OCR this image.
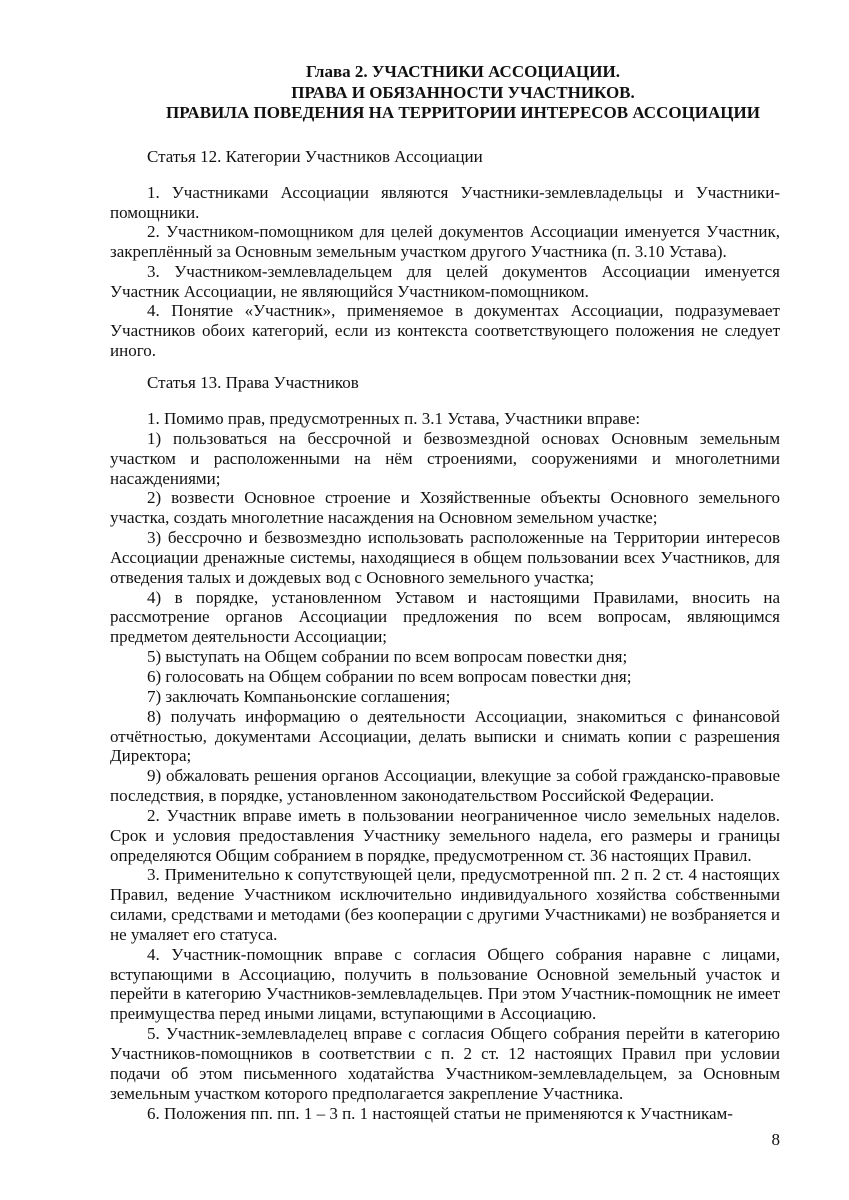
Глава 2. УЧАСТНИКИ АССОЦИАЦИИ.
ПРАВА И ОБЯЗАННОСТИ УЧАСТНИКОВ.
ПРАВИЛА ПОВЕДЕНИЯ НА ТЕРРИТОРИИ ИНТЕРЕСОВ АССОЦИАЦИИ
Статья 12. Категории Участников Ассоциации

1. Участниками Ассоциации являются Участники-землевладельцы и Участники-помощники.

2. Участником-помощником для целей документов Ассоциации именуется Участник, закреплённый за Основным земельным участком другого Участника (п. 3.10 Устава).

3. Участником-землевладельцем для целей документов Ассоциации именуется Участник Ассоциации, не являющийся Участником-помощником.

4. Понятие «Участник», применяемое в документах Ассоциации, подразумевает Участников обоих категорий, если из контекста соответствующего положения не следует иного.

Статья 13. Права Участников

1. Помимо прав, предусмотренных п. 3.1 Устава, Участники вправе:

1) пользоваться на бессрочной и безвозмездной основах Основным земельным участком и расположенными на нём строениями, сооружениями и многолетними насаждениями;

2) возвести Основное строение и Хозяйственные объекты Основного земельного участка, создать многолетние насаждения на Основном земельном участке;

3) бессрочно и безвозмездно использовать расположенные на Территории интересов Ассоциации дренажные системы, находящиеся в общем пользовании всех Участников, для отведения талых и дождевых вод с Основного земельного участка;

4) в порядке, установленном Уставом и настоящими Правилами, вносить на рассмотрение органов Ассоциации предложения по всем вопросам, являющимся предметом деятельности Ассоциации;

5) выступать на Общем собрании по всем вопросам повестки дня;

6) голосовать на Общем собрании по всем вопросам повестки дня;

7) заключать Компаньонские соглашения;

8) получать информацию о деятельности Ассоциации, знакомиться с финансовой отчётностью, документами Ассоциации, делать выписки и снимать копии с разрешения Директора;

9) обжаловать решения органов Ассоциации, влекущие за собой гражданско-правовые последствия, в порядке, установленном законодательством Российской Федерации.

2. Участник вправе иметь в пользовании неограниченное число земельных наделов. Срок и условия предоставления Участнику земельного надела, его размеры и границы определяются Общим собранием в порядке, предусмотренном ст. 36 настоящих Правил.

3. Применительно к сопутствующей цели, предусмотренной пп. 2 п. 2 ст. 4 настоящих Правил, ведение Участником исключительно индивидуального хозяйства собственными силами, средствами и методами (без кооперации с другими Участниками) не возбраняется и не умаляет его статуса.

4. Участник-помощник вправе с согласия Общего собрания наравне с лицами, вступающими в Ассоциацию, получить в пользование Основной земельный участок и перейти в категорию Участников-землевладельцев. При этом Участник-помощник не имеет преимущества перед иными лицами, вступающими в Ассоциацию.

5. Участник-землевладелец вправе с согласия Общего собрания перейти в категорию Участников-помощников в соответствии с п. 2 ст. 12 настоящих Правил при условии подачи об этом письменного ходатайства Участником-землевладельцем, за Основным земельным участком которого предполагается закрепление Участника.

6. Положения пп. пп. 1 – 3 п. 1 настоящей статьи не применяются к Участникам-

8
